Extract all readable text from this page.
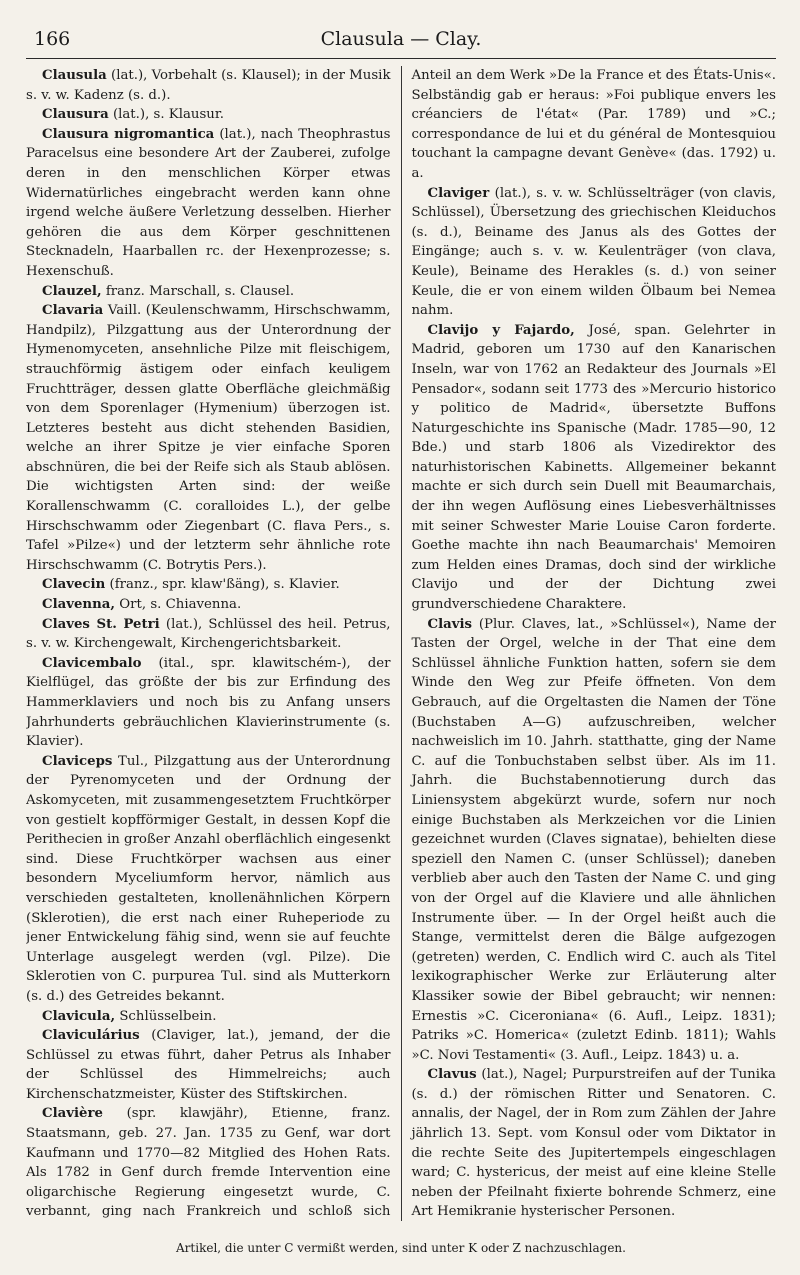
166	Clausula — Clay.

Clausula (lat.), Vorbehalt (s. Klausel); in der Musik s. v. w. Kadenz (s. d.).

Clausura (lat.), s. Klausur.

Clausura nigromantica (lat.), nach Theophrastus Paracelsus eine besondere Art der Zauberei, zufolge deren in den menschlichen Körper etwas Widernatürliches eingebracht werden kann ohne irgend welche äußere Verletzung desselben. Hierher gehören die aus dem Körper geschnittenen Stecknadeln, Haarballen rc. der Hexenprozesse; s. Hexenschuß.

Clauzel, franz. Marschall, s. Clausel.

Clavaria Vaill. (Keulenschwamm, Hirschschwamm, Handpilz), Pilzgattung aus der Unterordnung der Hymenomyceten, ansehnliche Pilze mit fleischigem, strauchförmig ästigem oder einfach keuligem Fruchtträger, dessen glatte Oberfläche gleichmäßig von dem Sporenlager (Hymenium) überzogen ist. Letzteres besteht aus dicht stehenden Basidien, welche an ihrer Spitze je vier einfache Sporen abschnüren, die bei der Reife sich als Staub ablösen. Die wichtigsten Arten sind: der weiße Korallenschwamm (C. coralloides L.), der gelbe Hirschschwamm oder Ziegenbart (C. flava Pers., s. Tafel »Pilze«) und der letzterm sehr ähnliche rote Hirschschwamm (C. Botrytis Pers.).

Clavecin (franz., spr. klaw'ßäng), s. Klavier.

Clavenna, Ort, s. Chiavenna.

Claves St. Petri (lat.), Schlüssel des heil. Petrus, s. v. w. Kirchengewalt, Kirchengerichtsbarkeit.

Clavicembalo (ital., spr. klawitschém-), der Kielflügel, das größte der bis zur Erfindung des Hammerklaviers und noch bis zu Anfang unsers Jahrhunderts gebräuchlichen Klavierinstrumente (s. Klavier).

Claviceps Tul., Pilzgattung aus der Unterordnung der Pyrenomyceten und der Ordnung der Askomyceten, mit zusammengesetztem Fruchtkörper von gestielt kopfförmiger Gestalt, in dessen Kopf die Perithecien in großer Anzahl oberflächlich eingesenkt sind. Diese Fruchtkörper wachsen aus einer besondern Myceliumform hervor, nämlich aus verschieden gestalteten, knollenähnlichen Körpern (Sklerotien), die erst nach einer Ruheperiode zu jener Entwickelung fähig sind, wenn sie auf feuchte Unterlage ausgelegt werden (vgl. Pilze). Die Sklerotien von C. purpurea Tul. sind als Mutterkorn (s. d.) des Getreides bekannt.

Clavicula, Schlüsselbein.

Claviculárius (Claviger, lat.), jemand, der die Schlüssel zu etwas führt, daher Petrus als Inhaber der Schlüssel des Himmelreichs; auch Kirchenschatzmeister, Küster des Stiftskirchen.

Clavière (spr. klawjähr), Etienne, franz. Staatsmann, geb. 27. Jan. 1735 zu Genf, war dort Kaufmann und 1770—82 Mitglied des Hohen Rats. Als 1782 in Genf durch fremde Intervention eine oligarchische Regierung eingesetzt wurde, C. verbannt, ging nach Frankreich und schloß sich

Anteil an dem Werk »De la France et des États-Unis«. Selbständig gab er heraus: »Foi publique envers les créanciers de l'état« (Par. 1789) und »C.; correspondance de lui et du général de Montesquiou touchant la campagne devant Genève« (das. 1792) u. a.

Claviger (lat.), s. v. w. Schlüsselträger (von clavis, Schlüssel), Übersetzung des griechischen Kleiduchos (s. d.), Beiname des Janus als des Gottes der Eingänge; auch s. v. w. Keulenträger (von clava, Keule), Beiname des Herakles (s. d.) von seiner Keule, die er von einem wilden Ölbaum bei Nemea nahm.

Clavijo y Fajardo, José, span. Gelehrter in Madrid, geboren um 1730 auf den Kanarischen Inseln, war von 1762 an Redakteur des Journals »El Pensador«, sodann seit 1773 des »Mercurio historico y politico de Madrid«, übersetzte Buffons Naturgeschichte ins Spanische (Madr. 1785—90, 12 Bde.) und starb 1806 als Vizedirektor des naturhistorischen Kabinetts. Allgemeiner bekannt machte er sich durch sein Duell mit Beaumarchais, der ihn wegen Auflösung eines Liebesverhältnisses mit seiner Schwester Marie Louise Caron forderte. Goethe machte ihn nach Beaumarchais' Memoiren zum Helden eines Dramas, doch sind der wirkliche Clavijo und der der Dichtung zwei grundverschiedene Charaktere.

Clavis (Plur. Claves, lat., »Schlüssel«), Name der Tasten der Orgel, welche in der That eine dem Schlüssel ähnliche Funktion hatten, sofern sie dem Winde den Weg zur Pfeife öffneten. Von dem Gebrauch, auf die Orgeltasten die Namen der Töne (Buchstaben A—G) aufzuschreiben, welcher nachweislich im 10. Jahrh. statthatte, ging der Name C. auf die Tonbuchstaben selbst über. Als im 11. Jahrh. die Buchstabennotierung durch das Liniensystem abgekürzt wurde, sofern nur noch einige Buchstaben als Merkzeichen vor die Linien gezeichnet wurden (Claves signatae), behielten diese speziell den Namen C. (unser Schlüssel); daneben verblieb aber auch den Tasten der Name C. und ging von der Orgel auf die Klaviere und alle ähnlichen Instrumente über. — In der Orgel heißt auch die Stange, vermittelst deren die Bälge aufgezogen (getreten) werden, C. Endlich wird C. auch als Titel lexikographischer Werke zur Erläuterung alter Klassiker sowie der Bibel gebraucht; wir nennen: Ernestis »C. Ciceroniana« (6. Aufl., Leipz. 1831); Patriks »C. Homerica« (zuletzt Edinb. 1811); Wahls »C. Novi Testamenti« (3. Aufl., Leipz. 1843) u. a.

Clavus (lat.), Nagel; Purpurstreifen auf der Tunika (s. d.) der römischen Ritter und Senatoren. C. annalis, der Nagel, der in Rom zum Zählen der Jahre jährlich 13. Sept. vom Konsul oder vom Diktator in die rechte Seite des Jupitertempels eingeschlagen ward; C. hystericus, der meist auf eine kleine Stelle neben der Pfeilnaht fixierte bohrende Schmerz, eine Art Hemikranie hysterischer Personen.

Artikel, die unter C vermißt werden, sind unter K oder Z nachzuschlagen.
